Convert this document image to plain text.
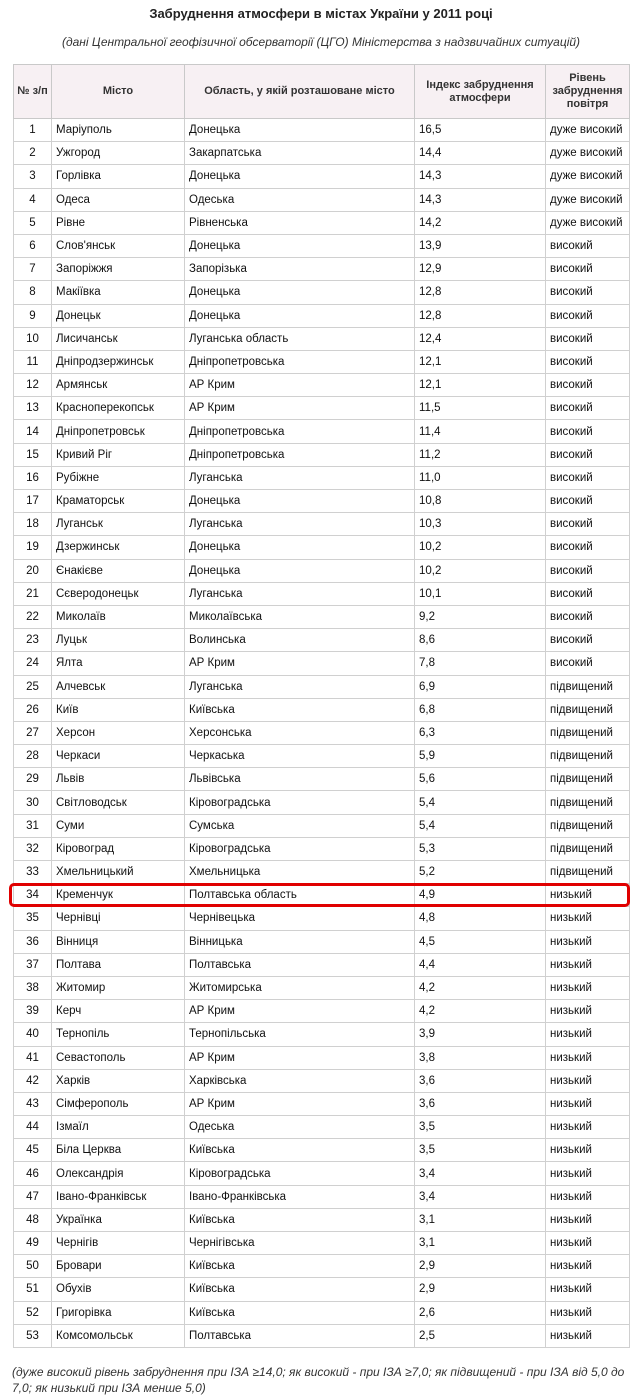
Забруднення атмосфери в містах України у 2011 році
(дані Центральної геофізичної обсерваторії (ЦГО) Міністерства з надзвичайних ситуацій)
№ з/п	Місто	Область, у якій розташоване місто	Індекс забруднення атмосфери	Рівень забруднення повітря
1	Маріуполь	Донецька	16,5	дуже високий
2	Ужгород	Закарпатська	14,4	дуже високий
3	Горлівка	Донецька	14,3	дуже високий
4	Одеса	Одеська	14,3	дуже високий
5	Рівне	Рівненська	14,2	дуже високий
6	Слов'янськ	Донецька	13,9	високий
7	Запоріжжя	Запорізька	12,9	високий
8	Макіївка	Донецька	12,8	високий
9	Донецьк	Донецька	12,8	високий
10	Лисичанськ	Луганська область	12,4	високий
11	Дніпродзержинськ	Дніпропетровська	12,1	високий
12	Армянськ	АР Крим	12,1	високий
13	Красноперекопськ	АР Крим	11,5	високий
14	Дніпропетровськ	Дніпропетровська	11,4	високий
15	Кривий Ріг	Дніпропетровська	11,2	високий
16	Рубіжне	Луганська	11,0	високий
17	Краматорськ	Донецька	10,8	високий
18	Луганськ	Луганська	10,3	високий
19	Дзержинськ	Донецька	10,2	високий
20	Єнакієве	Донецька	10,2	високий
21	Сєверодонецьк	Луганська	10,1	високий
22	Миколаїв	Миколаївська	9,2	високий
23	Луцьк	Волинська	8,6	високий
24	Ялта	АР Крим	7,8	високий
25	Алчевськ	Луганська	6,9	підвищений
26	Київ	Київська	6,8	підвищений
27	Херсон	Херсонська	6,3	підвищений
28	Черкаси	Черкаська	5,9	підвищений
29	Львів	Львівська	5,6	підвищений
30	Світловодськ	Кіровоградська	5,4	підвищений
31	Суми	Сумська	5,4	підвищений
32	Кіровоград	Кіровоградська	5,3	підвищений
33	Хмельницький	Хмельницька	5,2	підвищений
34	Кременчук	Полтавська область	4,9	низький
35	Чернівці	Чернівецька	4,8	низький
36	Вінниця	Вінницька	4,5	низький
37	Полтава	Полтавська	4,4	низький
38	Житомир	Житомирська	4,2	низький
39	Керч	АР Крим	4,2	низький
40	Тернопіль	Тернопільська	3,9	низький
41	Севастополь	АР Крим	3,8	низький
42	Харків	Харківська	3,6	низький
43	Сімферополь	АР Крим	3,6	низький
44	Ізмаїл	Одеська	3,5	низький
45	Біла Церква	Київська	3,5	низький
46	Олександрія	Кіровоградська	3,4	низький
47	Івано-Франківськ	Івано-Франківська	3,4	низький
48	Українка	Київська	3,1	низький
49	Чернігів	Чернігівська	3,1	низький
50	Бровари	Київська	2,9	низький
51	Обухів	Київська	2,9	низький
52	Григорівка	Київська	2,6	низький
53	Комсомольськ	Полтавська	2,5	низький
(дуже високий рівень забруднення при ІЗА ≥14,0; як високий - при ІЗА ≥7,0; як підвищений - при ІЗА від 5,0 до 7,0; як низький при ІЗА менше 5,0)
